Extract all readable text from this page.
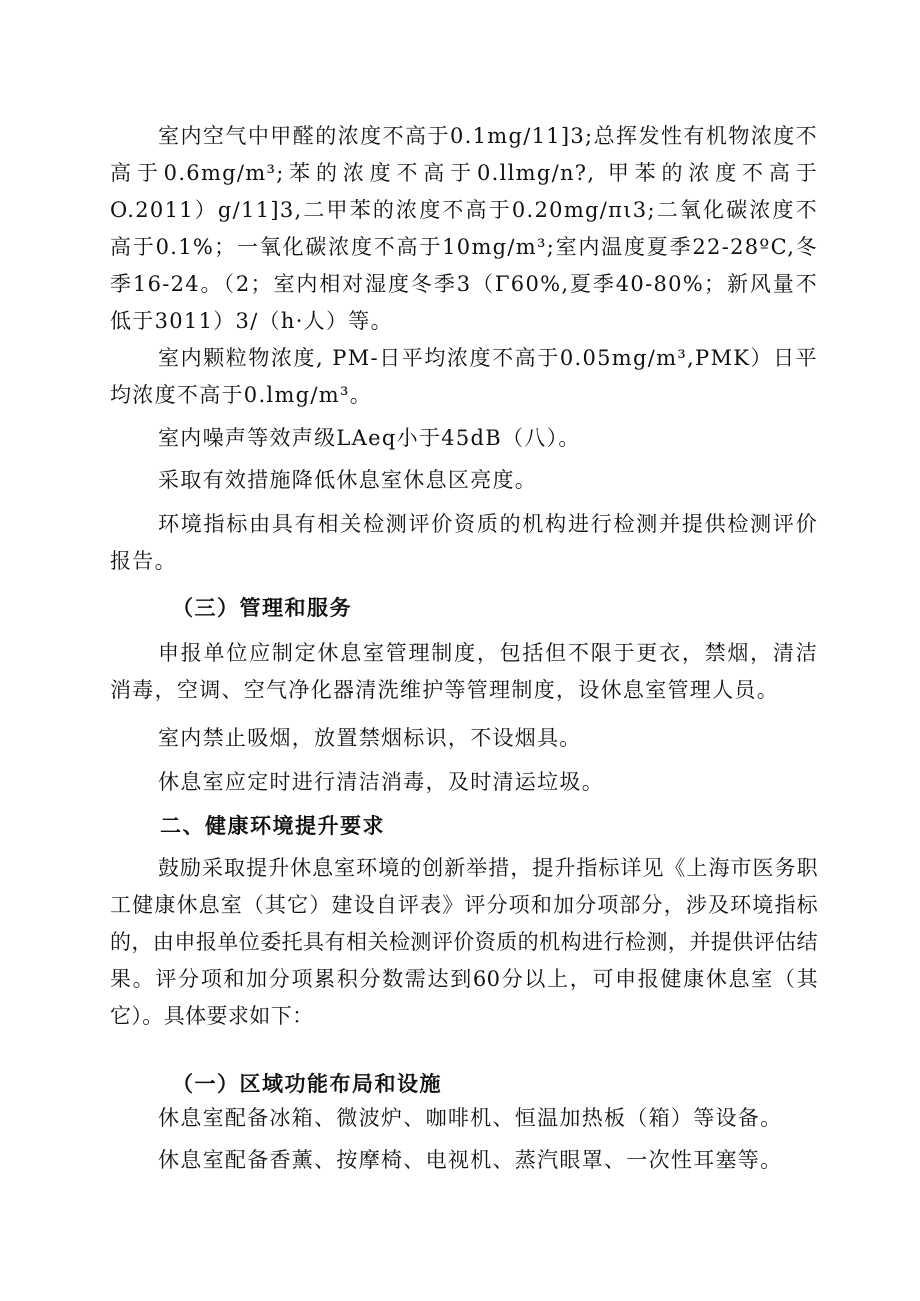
室内空气中甲醛的浓度不高于0.1mg∕11]3;总挥发性有机物浓度不高于0.6mg∕m³;苯的浓度不高于0.llmg/n?, 甲苯的浓度不高于O.2011）g∕11]3,二甲苯的浓度不高于0.20mg∕πι3;二氧化碳浓度不高于0.1%；一氧化碳浓度不高于10mg∕m³;室内温度夏季22-28ºC,冬季16-24。（2；室内相对湿度冬季3（Γ60%,夏季40-80%；新风量不低于3011）3∕（h·人）等。

室内颗粒物浓度, PM-日平均浓度不高于0.05mg∕m³,PMK）日平均浓度不高于0.lmg∕m³。

室内噪声等效声级LAeq小于45dB（八）。

采取有效措施降低休息室休息区亮度。

环境指标由具有相关检测评价资质的机构进行检测并提供检测评价报告。

（三）管理和服务

申报单位应制定休息室管理制度，包括但不限于更衣，禁烟，清洁消毒，空调、空气净化器清洗维护等管理制度，设休息室管理人员。

室内禁止吸烟，放置禁烟标识，不设烟具。

休息室应定时进行清洁消毒，及时清运垃圾。

二、健康环境提升要求

鼓励采取提升休息室环境的创新举措，提升指标详见《上海市医务职工健康休息室（其它）建设自评表》评分项和加分项部分，涉及环境指标的，由申报单位委托具有相关检测评价资质的机构进行检测，并提供评估结果。评分项和加分项累积分数需达到60分以上，可申报健康休息室（其它）。具体要求如下：

（一）区域功能布局和设施

休息室配备冰箱、微波炉、咖啡机、恒温加热板（箱）等设备。

休息室配备香薰、按摩椅、电视机、蒸汽眼罩、一次性耳塞等。
